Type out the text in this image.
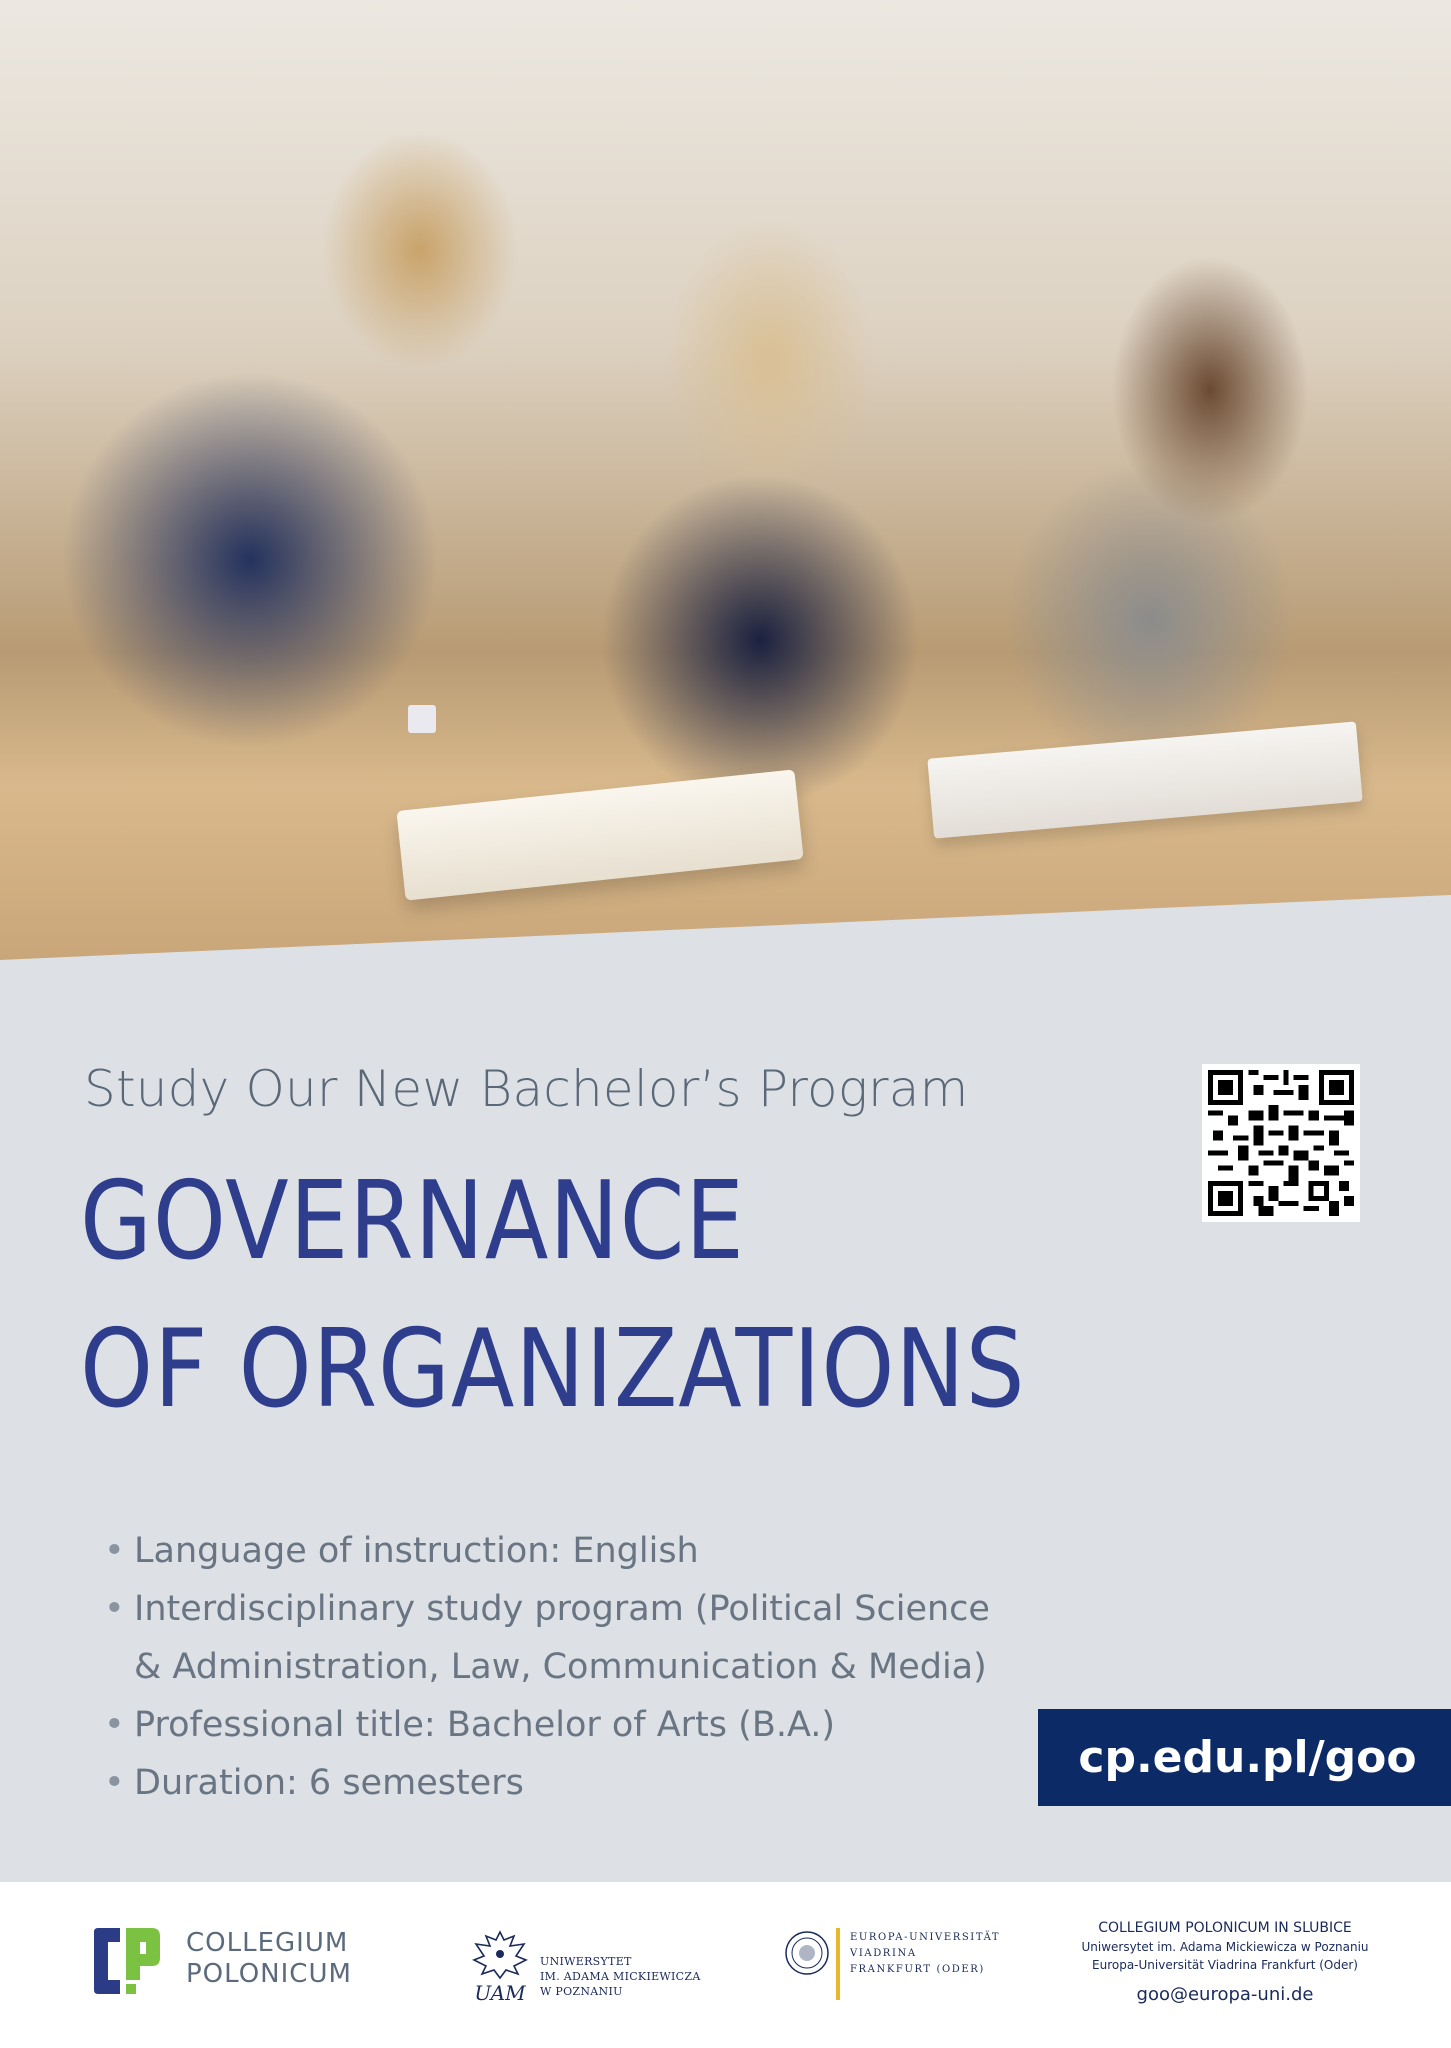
Study Our New Bachelor’s Program
GOVERNANCE
OF ORGANIZATIONS
• Language of instruction: English
• Interdisciplinary study program (Political Science
& Administration, Law, Communication & Media)
• Professional title: Bachelor of Arts (B.A.)
• Duration: 6 semesters	cp.edu.pl/goo
COLLEGIUM
POLONICUM
UAM
UNIWERSYTET
IM. ADAMA MICKIEWICZA
W POZNANIU
EUROPA-UNIVERSITÄT
VIADRINA
FRANKFURT (ODER)
COLLEGIUM POLONICUM IN SLUBICE
Uniwersytet im. Adama Mickiewicza w Poznaniu
Europa-Universität Viadrina Frankfurt (Oder)
goo@europa-uni.de
